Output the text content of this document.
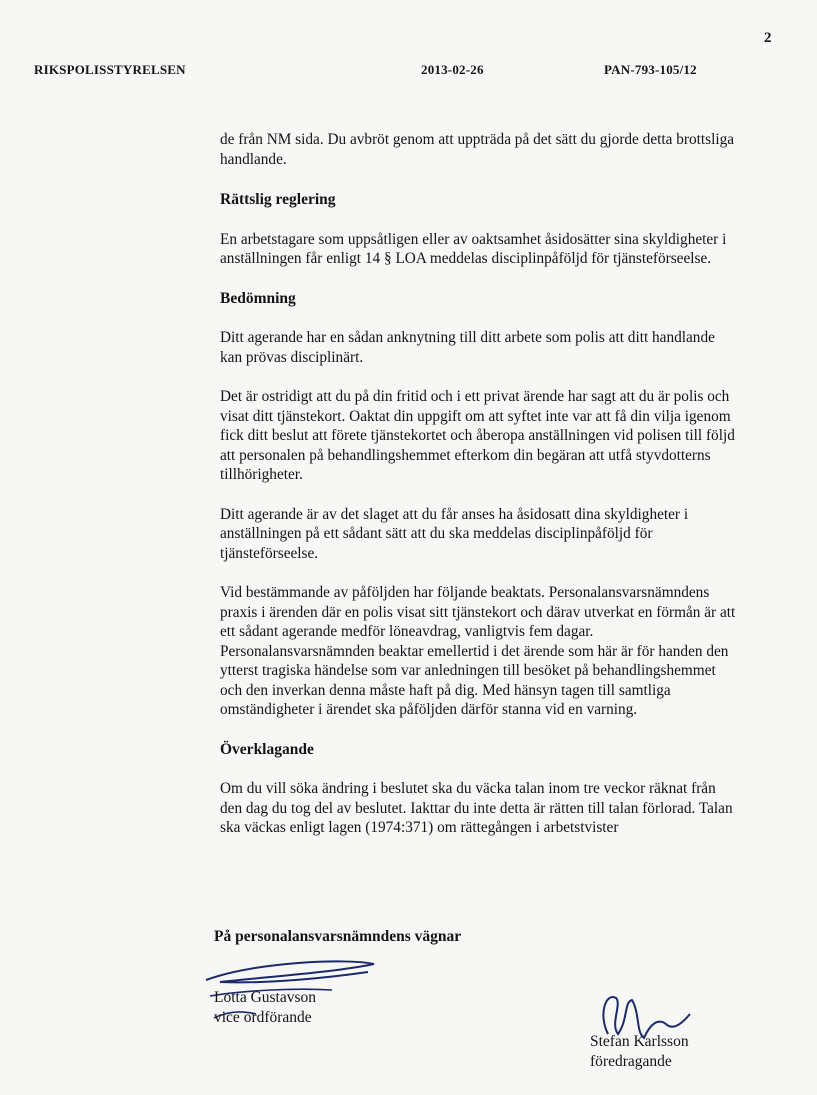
2
RIKSPOLISSTYRELSEN	2013-02-26	PAN-793-105/12

de från NM sida. Du avbröt genom att uppträda på det sätt du gjorde detta brottsliga handlande.

Rättslig reglering

En arbetstagare som uppsåtligen eller av oaktsamhet åsidosätter sina skyldigheter i anställningen får enligt 14 § LOA meddelas disciplinpåföljd för tjänsteförseelse.

Bedömning

Ditt agerande har en sådan anknytning till ditt arbete som polis att ditt handlande kan prövas disciplinärt.

Det är ostridigt att du på din fritid och i ett privat ärende har sagt att du är polis och visat ditt tjänstekort. Oaktat din uppgift om att syftet inte var att få din vilja igenom fick ditt beslut att förete tjänstekortet och åberopa anställningen vid polisen till följd att personalen på behandlingshemmet efterkom din begäran att utfå styvdotterns tillhörigheter.

Ditt agerande är av det slaget att du får anses ha åsidosatt dina skyldigheter i anställningen på ett sådant sätt att du ska meddelas disciplinpåföljd för tjänsteförseelse.

Vid bestämmande av påföljden har följande beaktats. Personalansvarsnämndens praxis i ärenden där en polis visat sitt tjänstekort och därav utverkat en förmån är att ett sådant agerande medför löneavdrag, vanligtvis fem dagar. Personalansvarsnämnden beaktar emellertid i det ärende som här är för handen den ytterst tragiska händelse som var anledningen till besöket på behandlingshemmet och den inverkan denna måste haft på dig. Med hänsyn tagen till samtliga omständigheter i ärendet ska påföljden därför stanna vid en varning.

Överklagande

Om du vill söka ändring i beslutet ska du väcka talan inom tre veckor räknat från den dag du tog del av beslutet. Iakttar du inte detta är rätten till talan förlorad. Talan ska väckas enligt lagen (1974:371) om rättegången i arbetstvister

På personalansvarsnämndens vägnar
Lotta Gustavson
vice ordförande
Stefan Karlsson
föredragande
